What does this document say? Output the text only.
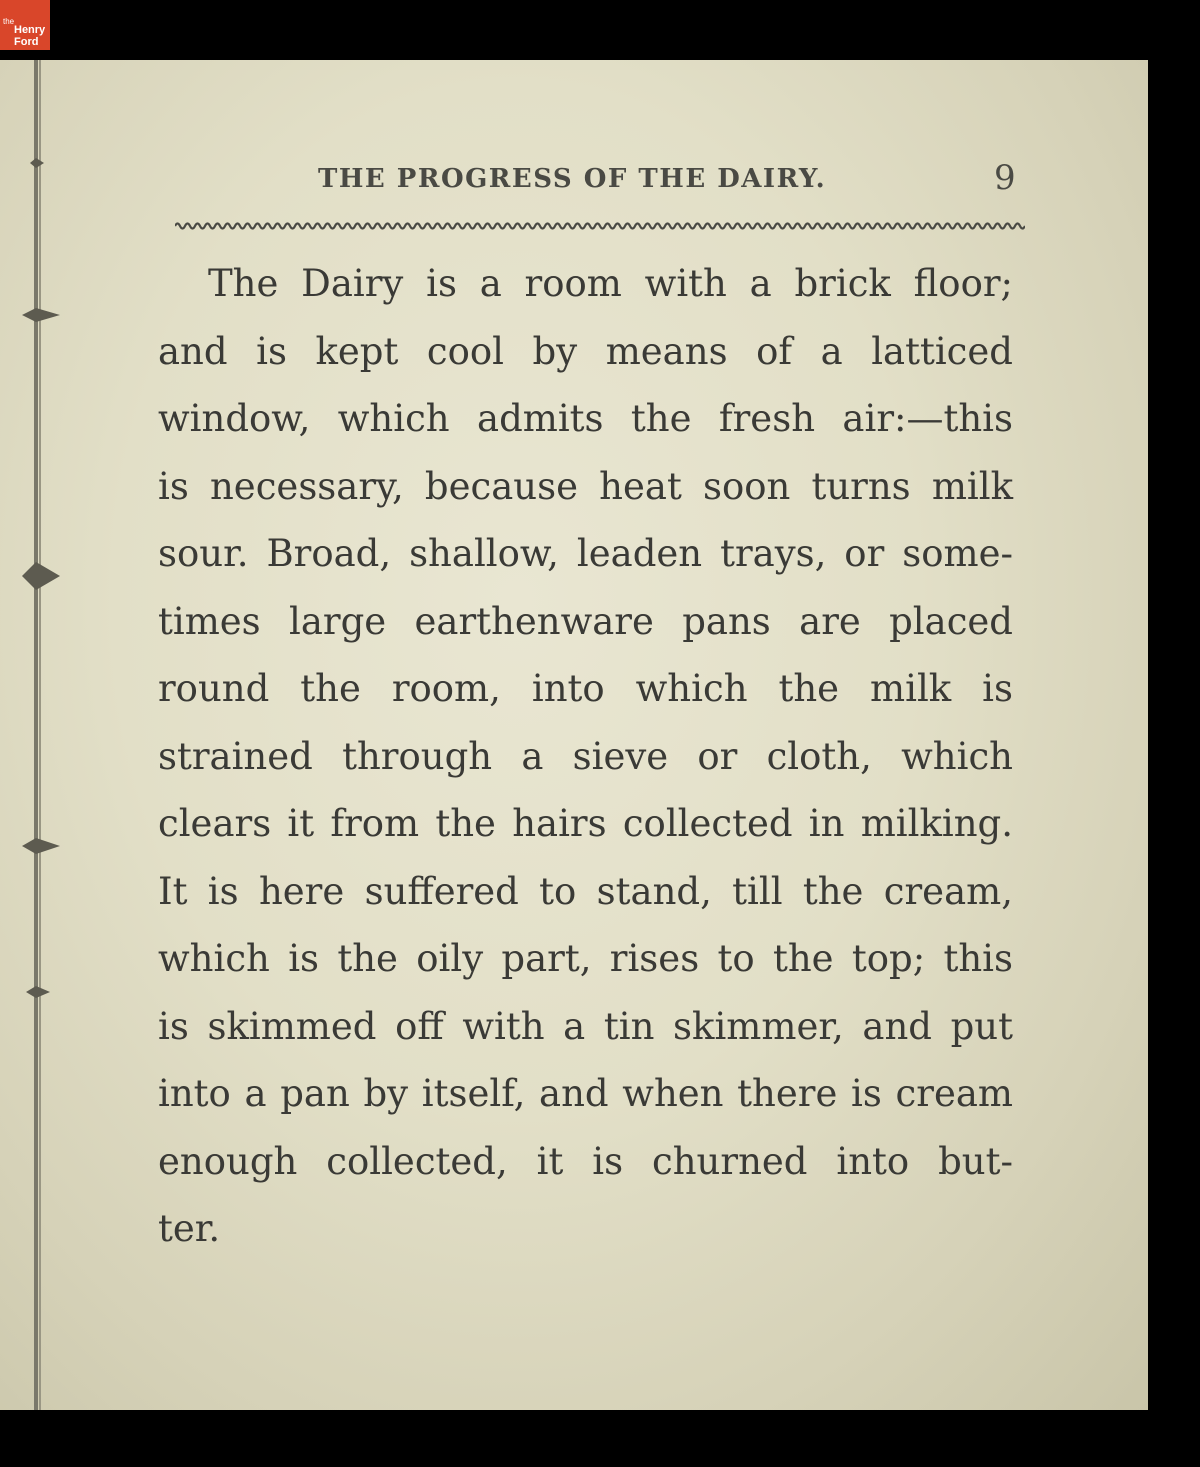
the
Henry
Ford
THE PROGRESS OF THE DAIRY.	9
The Dairy is a room with a brick floor;
and is kept cool by means of a latticed
window, which admits the fresh air:—this
is necessary, because heat soon turns milk
sour. Broad, shallow, leaden trays, or some-
times large earthenware pans are placed
round the room, into which the milk is
strained through a sieve or cloth, which
clears it from the hairs collected in milking.
It is here suffered to stand, till the cream,
which is the oily part, rises to the top; this
is skimmed off with a tin skimmer, and put
into a pan by itself, and when there is cream
enough collected, it is churned into but-
ter.
